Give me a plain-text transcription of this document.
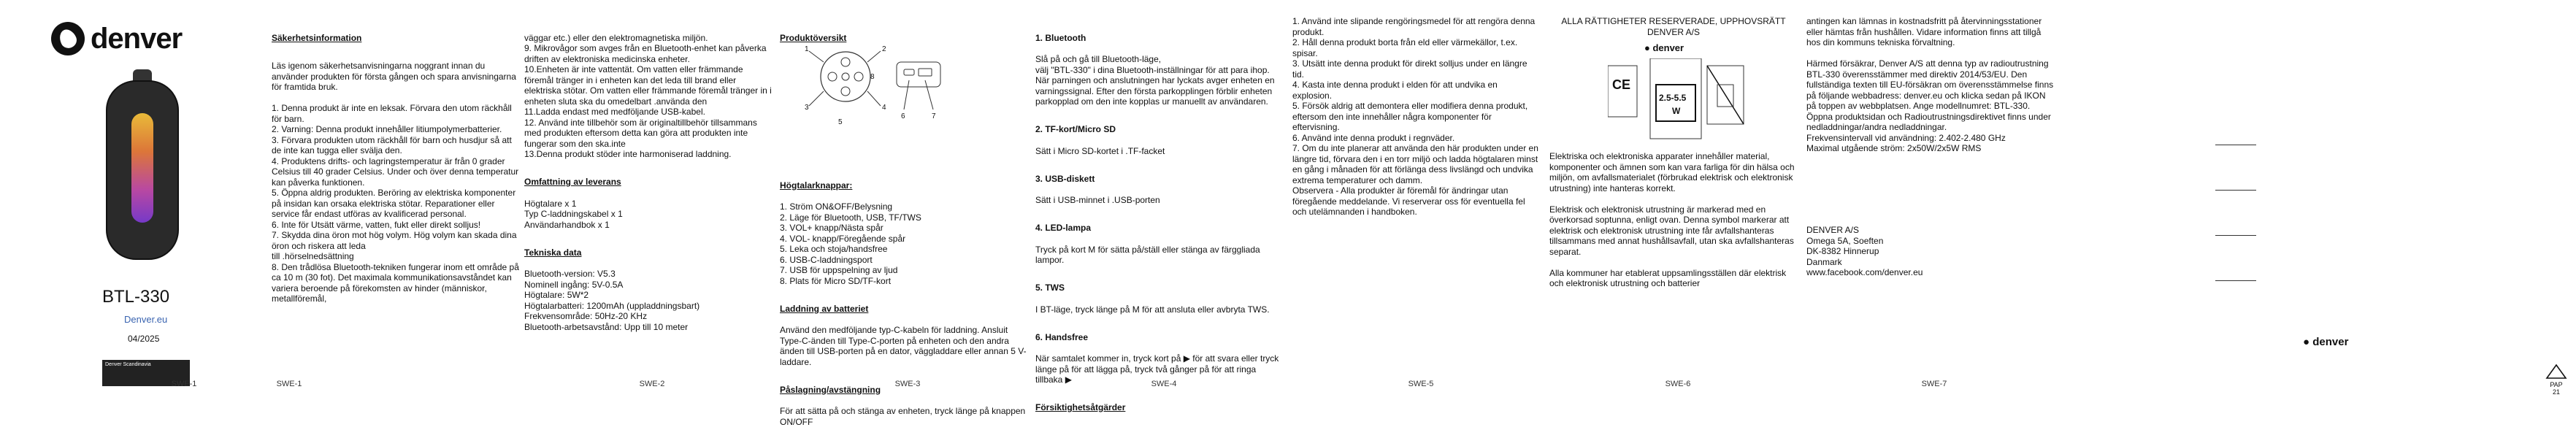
denver
BTL-330
Denver.eu
04/2025
Denver Scandinavia
SWE-1

Säkerhetsinformation

Läs igenom säkerhetsanvisningarna noggrant innan du använder produkten för första gången och spara anvisningarna för framtida bruk.

1. Denna produkt är inte en leksak. Förvara den utom räckhåll för barn.
2. Varning: Denna produkt innehåller litiumpolymerbatterier.
3. Förvara produkten utom räckhåll för barn och husdjur så att de inte kan tugga eller svälja den.
4. Produktens drifts- och lagringstemperatur är från 0 grader Celsius till 40 grader Celsius. Under och över denna temperatur kan påverka funktionen.
5. Öppna aldrig produkten. Beröring av elektriska komponenter på insidan kan orsaka elektriska stötar. Reparationer eller service får endast utföras av kvalificerad personal.
6. Inte för Utsätt värme, vatten, fukt eller direkt solljus!
7. Skydda dina öron mot hög volym. Hög volym kan skada dina öron och riskera att leda
till .hörselnedsättning
8. Den trådlösa Bluetooth-tekniken fungerar inom ett område på ca 10 m (30 fot). Det maximala kommunikationsavståndet kan variera beroende på förekomsten av hinder (människor, metallföremål,

SWE-1

väggar etc.) eller den elektromagnetiska miljön.
9. Mikrovågor som avges från en Bluetooth-enhet kan påverka driften av elektroniska medicinska enheter.
10.Enheten är inte vattentät. Om vatten eller främmande föremål tränger in i enheten kan det leda till brand eller elektriska stötar. Om vatten eller främmande föremål tränger in i enheten sluta ska du omedelbart .använda den
11.Ladda endast med medföljande USB-kabel.
12. Använd inte tillbehör som är originaltillbehör tillsammans med produkten eftersom detta kan göra att produkten inte fungerar som den ska.inte
13.Denna produkt stöder inte harmoniserad laddning.

Omfattning av leverans

Högtalare x 1
Typ C-laddningskabel x 1
Användarhandbok x 1

Tekniska data

Bluetooth-version: V5.3
Nominell ingång: 5V-0.5A
Högtalare: 5W*2
Högtalarbatteri: 1200mAh (uppladdningsbart)
Frekvensområde: 50Hz-20 KHz
Bluetooth-arbetsavstånd: Upp till 10 meter

SWE-2

Produktöversikt

1	2
3	4
5
6	7
8

Högtalarknappar:

1. Ström ON&OFF/Belysning
2. Läge för Bluetooth, USB, TF/TWS
3. VOL+ knapp/Nästa spår
4. VOL- knapp/Föregående spår
5. Leka och stoja/handsfree
6. USB-C-laddningsport
7. USB för uppspelning av ljud
8. Plats för Micro SD/TF-kort

Laddning av batteriet

Använd den medföljande typ-C-kabeln för laddning. Ansluit Type-C-änden till Type-C-porten på enheten och den andra änden till USB-porten på en dator, väggladdare eller annan 5 V-laddare.

Påslagning/avstängning

För att sätta på och stänga av enheten, tryck länge på knappen ON/OFF

SWE-3

1. Bluetooth

Slå på och gå till Bluetooth-läge,
välj "BTL-330" i dina Bluetooth-inställningar för att para ihop.
När parningen och anslutningen har lyckats avger enheten en varningssignal. Efter den första parkopplingen förblir enheten parkopplad om den inte kopplas ur manuellt av användaren.

2. TF-kort/Micro SD

Sätt i Micro SD-kortet i .TF-facket

3. USB-diskett

Sätt i USB-minnet i .USB-porten

4. LED-lampa

Tryck på kort M för sätta på/ställ eller stänga av färggliada lampor.

5. TWS

I BT-läge, tryck länge på M för att ansluta eller avbryta TWS.

6. Handsfree

När samtalet kommer in, tryck kort på ▶ för att svara eller tryck länge på för att lägga på, tryck två gånger på för att ringa tillbaka ▶

Försiktighetsåtgärder

SWE-4
1. Använd inte slipande rengöringsmedel för att rengöra denna produkt.
2. Håll denna produkt borta från eld eller värmekällor, t.ex. spisar.
3. Utsätt inte denna produkt för direkt solljus under en längre tid.
4. Kasta inte denna produkt i elden för att undvika en explosion.
5. Försök aldrig att demontera eller modifiera denna produkt, eftersom den inte innehåller några komponenter för eftervisning.
6. Använd inte denna produkt i regnväder.
7. Om du inte planerar att använda den här produkten under en längre tid, förvara den i en torr miljö och ladda högtalaren minst en gång i månaden för att förlänga dess livslängd och undvika extrema temperaturer och damm.
Observera - Alla produkter är föremål för ändringar utan föregående meddelande. Vi reserverar oss för eventuella fel och utelämnanden i handboken.
SWE-5
ALLA RÄTTIGHETER RESERVERADE, UPPHOVSRÄTT
DENVER A/S
● denver
CE
2.5-5.5
W
Elektriska och elektroniska apparater innehåller material, komponenter och ämnen som kan vara farliga för din hälsa och miljön, om avfallsmaterialet (förbrukad elektrisk och elektronisk utrustning) inte hanteras korrekt.

Elektrisk och elektronisk utrustning är markerad med en överkorsad soptunna, enligt ovan. Denna symbol markerar att elektrisk och elektronisk utrustning inte får avfallshanteras tillsammans med annat hushållsavfall, utan ska avfallshanteras separat.

Alla kommuner har etablerat uppsamlingsställen där elektrisk och elektronisk utrustning och batterier
SWE-6
antingen kan lämnas in kostnadsfritt på återvinningsstationer eller hämtas från hushållen. Vidare information finns att tillgå hos din kommuns tekniska förvaltning.

Härmed försäkrar, Denver A/S att denna typ av radioutrustning BTL-330 överensstämmer med direktiv 2014/53/EU. Den fullständiga texten till EU-försäkran om överensstämmelse finns på följande webbadress: denver.eu och klicka sedan på IKON på toppen av webbplatsen. Ange modellnumret: BTL-330. Öppna produktsidan och Radioutrustningsdirektivet finns under nedladdningar/andra nedladdningar.
Frekvensintervall vid användning: 2.402-2.480 GHz
Maximal utgående ström: 2x50W/2x5W RMS
DENVER A/S
Omega 5A, Soeften
DK-8382 Hinnerup
Danmark
www.facebook.com/denver.eu
SWE-7
● denver

PAP
21
